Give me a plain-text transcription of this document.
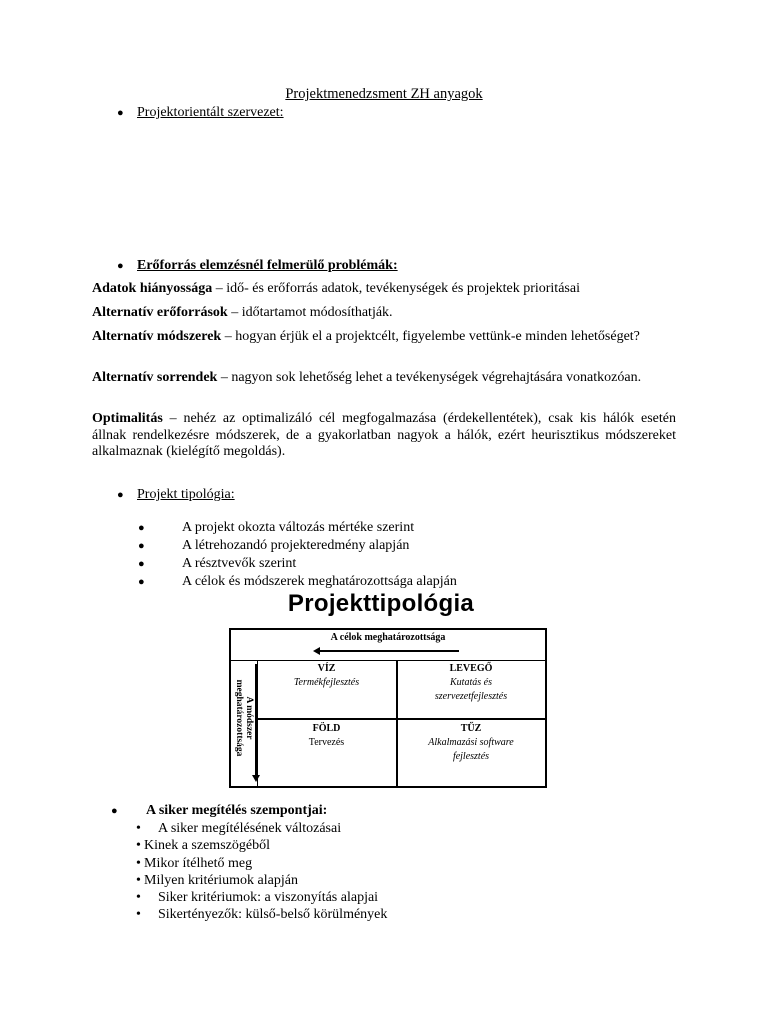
Projektmenedzsment ZH anyagok
● Projektorientált szervezet:
● Erőforrás elemzésnél felmerülő problémák:
Adatok hiányossága – idő- és erőforrás adatok, tevékenységek és projektek prioritásai
Alternatív erőforrások – időtartamot módosíthatják.
Alternatív módszerek – hogyan érjük el a projektcélt, figyelembe vettünk-e minden lehetőséget?
Alternatív sorrendek – nagyon sok lehetőség lehet a tevékenységek végrehajtására vonatkozóan.
Optimalitás – nehéz az optimalizáló cél megfogalmazása (érdekellentétek), csak kis hálók esetén állnak rendelkezésre módszerek, de a gyakorlatban nagyok a hálók, ezért heurisztikus módszereket alkalmaznak (kielégítő megoldás).
● Projekt tipológia:
●	A projekt okozta változás mértéke szerint
●	A létrehozandó projekteredmény alapján
●	A résztvevők szerint
●	A célok és módszerek meghatározottsága alapján
Projekttipológia
A célok meghatározottsága
A módszer
meghatározottsága
VÍZ
Termékfejlesztés
LEVEGŐ
Kutatás és
szervezetfejlesztés
FÖLD
Tervezés
TŰZ
Alkalmazási software
fejlesztés
● A siker megítélés szempontjai:
• A siker megítélésének változásai
• Kinek a szemszögéből
• Mikor ítélhető meg
• Milyen kritériumok alapján
• Siker kritériumok: a viszonyítás alapjai
• Sikertényezők: külső-belső körülmények
